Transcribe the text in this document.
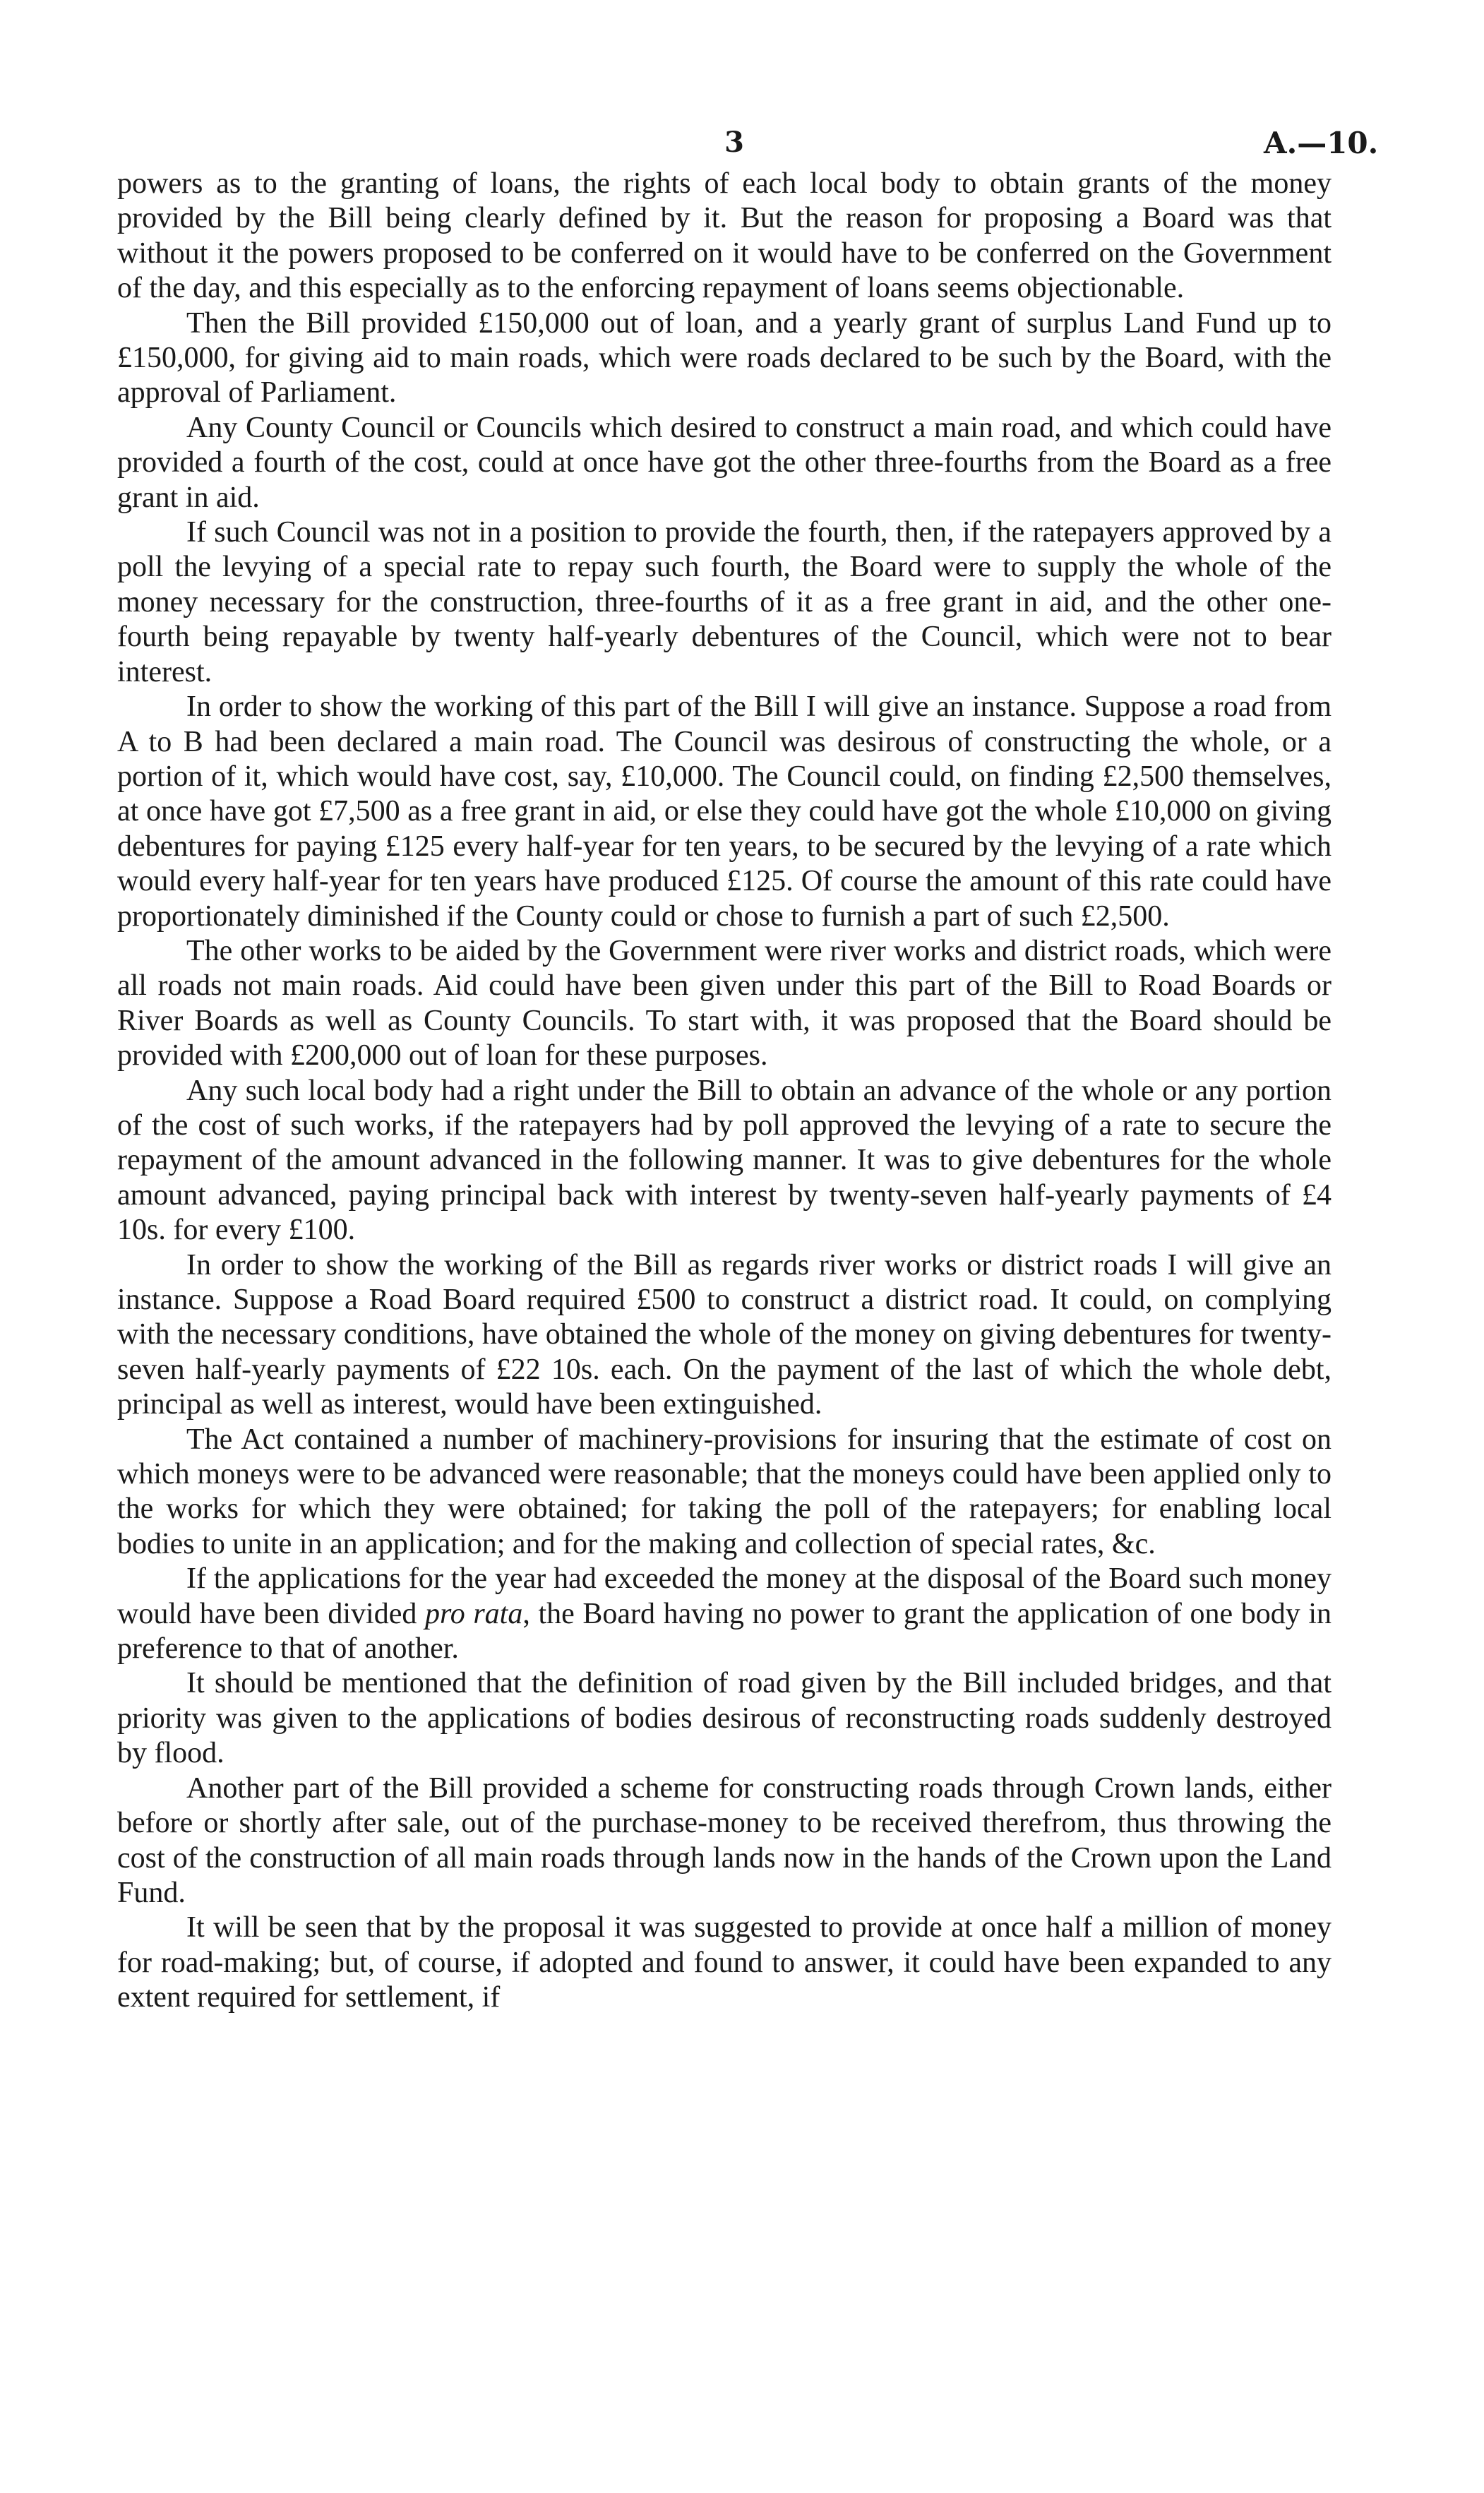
3	A.—10.

powers as to the granting of loans, the rights of each local body to obtain grants of the money provided by the Bill being clearly defined by it. But the reason for proposing a Board was that without it the powers proposed to be conferred on it would have to be conferred on the Government of the day, and this especially as to the enforcing repayment of loans seems objectionable.

Then the Bill provided £150,000 out of loan, and a yearly grant of surplus Land Fund up to £150,000, for giving aid to main roads, which were roads declared to be such by the Board, with the approval of Parliament.

Any County Council or Councils which desired to construct a main road, and which could have provided a fourth of the cost, could at once have got the other three-fourths from the Board as a free grant in aid.

If such Council was not in a position to provide the fourth, then, if the ratepayers approved by a poll the levying of a special rate to repay such fourth, the Board were to supply the whole of the money necessary for the construction, three-fourths of it as a free grant in aid, and the other one-fourth being repayable by twenty half-yearly debentures of the Council, which were not to bear interest.

In order to show the working of this part of the Bill I will give an instance. Suppose a road from A to B had been declared a main road. The Council was desirous of constructing the whole, or a portion of it, which would have cost, say, £10,000. The Council could, on finding £2,500 themselves, at once have got £7,500 as a free grant in aid, or else they could have got the whole £10,000 on giving debentures for paying £125 every half-year for ten years, to be secured by the levying of a rate which would every half-year for ten years have produced £125. Of course the amount of this rate could have proportionately diminished if the County could or chose to furnish a part of such £2,500.

The other works to be aided by the Government were river works and district roads, which were all roads not main roads. Aid could have been given under this part of the Bill to Road Boards or River Boards as well as County Councils. To start with, it was proposed that the Board should be provided with £200,000 out of loan for these purposes.

Any such local body had a right under the Bill to obtain an advance of the whole or any portion of the cost of such works, if the ratepayers had by poll approved the levying of a rate to secure the repayment of the amount advanced in the following manner. It was to give debentures for the whole amount advanced, paying principal back with interest by twenty-seven half-yearly payments of £4 10s. for every £100.

In order to show the working of the Bill as regards river works or district roads I will give an instance. Suppose a Road Board required £500 to construct a district road. It could, on complying with the necessary conditions, have obtained the whole of the money on giving debentures for twenty-seven half-yearly payments of £22 10s. each. On the payment of the last of which the whole debt, principal as well as interest, would have been extinguished.

The Act contained a number of machinery-provisions for insuring that the estimate of cost on which moneys were to be advanced were reasonable; that the moneys could have been applied only to the works for which they were obtained; for taking the poll of the ratepayers; for enabling local bodies to unite in an application; and for the making and collection of special rates, &c.

If the applications for the year had exceeded the money at the disposal of the Board such money would have been divided pro rata, the Board having no power to grant the application of one body in preference to that of another.

It should be mentioned that the definition of road given by the Bill included bridges, and that priority was given to the applications of bodies desirous of reconstructing roads suddenly destroyed by flood.

Another part of the Bill provided a scheme for constructing roads through Crown lands, either before or shortly after sale, out of the purchase-money to be received therefrom, thus throwing the cost of the construction of all main roads through lands now in the hands of the Crown upon the Land Fund.

It will be seen that by the proposal it was suggested to provide at once half a million of money for road-making; but, of course, if adopted and found to answer, it could have been expanded to any extent required for settlement, if
